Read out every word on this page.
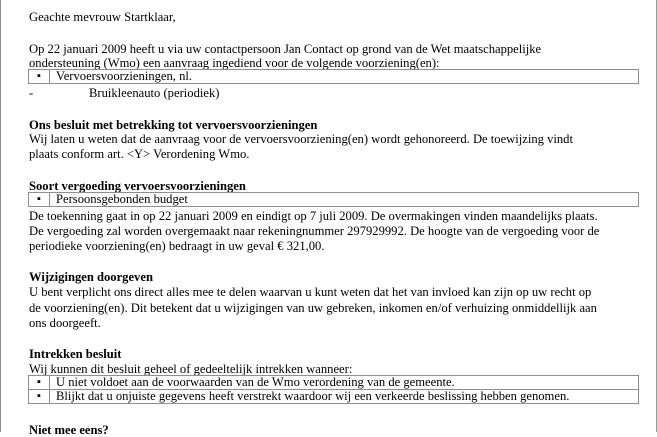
Geachte mevrouw Startklaar,
Op 22 januari 2009 heeft u via uw contactpersoon Jan Contact op grond van de Wet maatschappelijke
ondersteuning (Wmo) een aanvraag ingediend voor de volgende voorziening(en):
▪	Vervoersvoorzieningen, nl.
-	Bruikleenauto (periodiek)
Ons besluit met betrekking tot vervoersvoorzieningen
Wij laten u weten dat de aanvraag voor de vervoersvoorziening(en) wordt gehonoreerd. De toewijzing vindt
plaats conform art. <Y> Verordening Wmo.
Soort vergoeding vervoersvoorzieningen
▪	Persoonsgebonden budget
De toekenning gaat in op 22 januari 2009 en eindigt op 7 juli 2009. De overmakingen vinden maandelijks plaats.
De vergoeding zal worden overgemaakt naar rekeningnummer 297929992. De hoogte van de vergoeding voor de
periodieke voorziening(en) bedraagt in uw geval € 321,00.
Wijzigingen doorgeven
U bent verplicht ons direct alles mee te delen waarvan u kunt weten dat het van invloed kan zijn op uw recht op
de voorziening(en). Dit betekent dat u wijzigingen van uw gebreken, inkomen en/of verhuizing onmiddellijk aan
ons doorgeeft.
Intrekken besluit
Wij kunnen dit besluit geheel of gedeeltelijk intrekken wanneer:
▪	U niet voldoet aan de voorwaarden van de Wmo verordening van de gemeente.
▪	Blijkt dat u onjuiste gegevens heeft verstrekt waardoor wij een verkeerde beslissing hebben genomen.
Niet mee eens?
